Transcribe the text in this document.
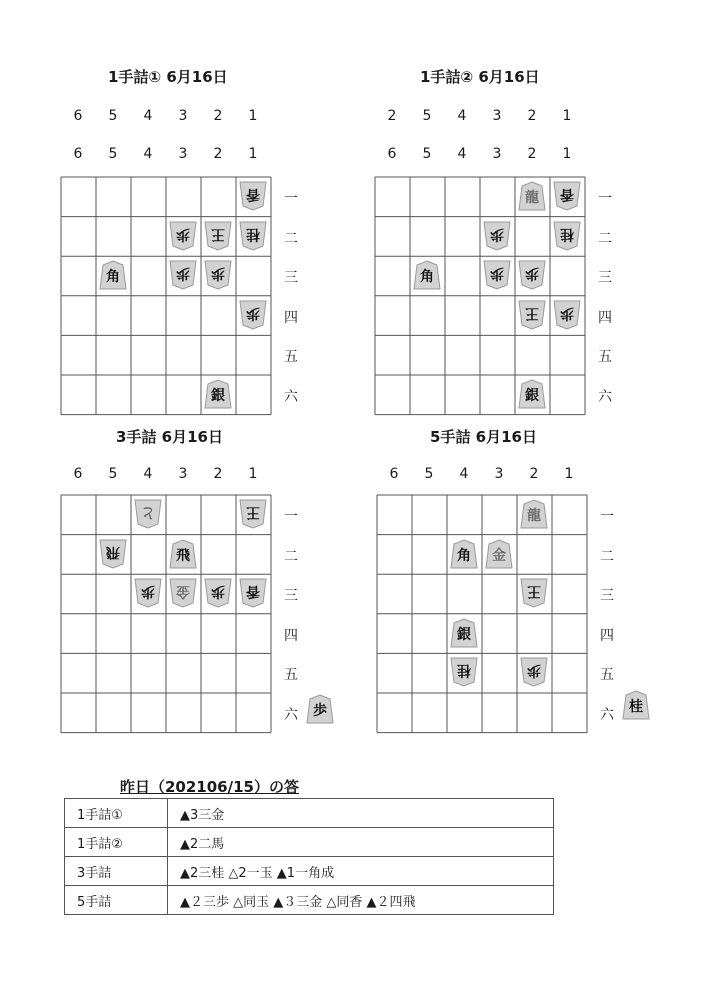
1手詰① 6月16日
6	5	4	3	2	1
6	5	4	3	2	1
一
二
三
四
五
六
香
歩 王 桂
角	歩 歩
歩
銀
1手詰② 6月16日
2	5	4	3	2	1
6	5	4	3	2	1
一
二
三
四
五
六
龍 香
歩	桂
角	歩 歩
王 歩
銀
3手詰 6月16日
6	5	4	3	2	1
一
二
三
四
五
六
と	王
飛	飛
歩 金 歩 香
歩
5手詰 6月16日
6	5	4	3	2	1
一
二
三
四
五
六
龍
角 金
王
銀
桂	歩
桂
昨日（202106/15）の答
1手詰①	▲3三金
1手詰②	▲2二馬
3手詰	▲2三桂 △2一玉 ▲1一角成
5手詰	▲２三歩 △同玉 ▲３三金 △同香 ▲２四飛
